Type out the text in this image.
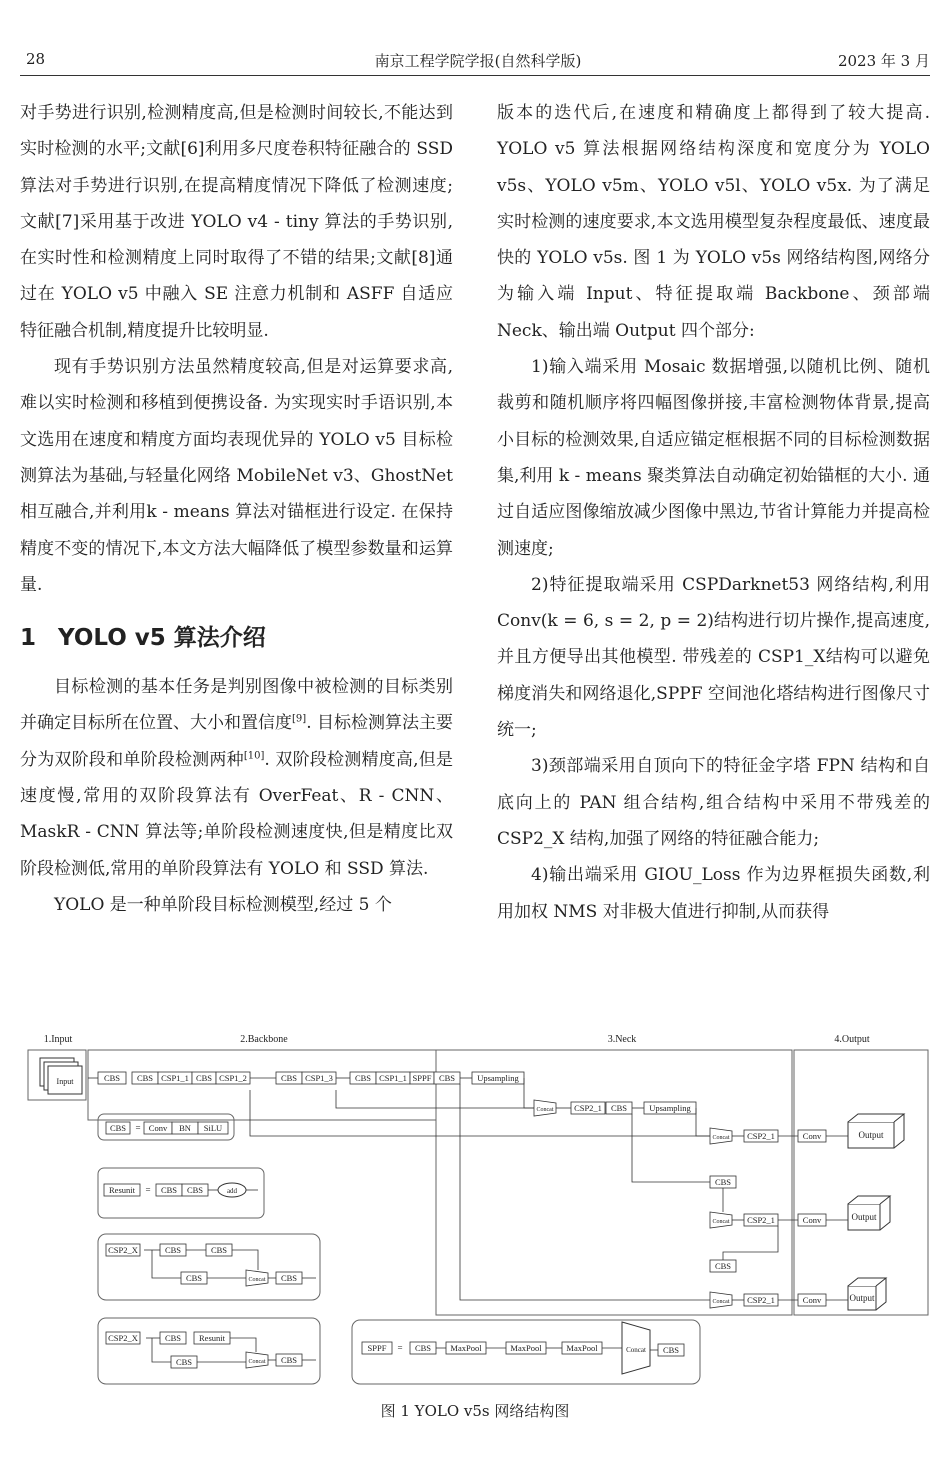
28	南京工程学院学报(自然科学版)	2023 年 3 月

对手势进行识别,检测精度高,但是检测时间较长,不能达到实时检测的水平;文献[6]利用多尺度卷积特征融合的 SSD 算法对手势进行识别,在提高精度情况下降低了检测速度;文献[7]采用基于改进 YOLO v4 - tiny 算法的手势识别,在实时性和检测精度上同时取得了不错的结果;文献[8]通过在 YOLO v5 中融入 SE 注意力机制和 ASFF 自适应特征融合机制,精度提升比较明显.

现有手势识别方法虽然精度较高,但是对运算要求高,难以实时检测和移植到便携设备. 为实现实时手语识别,本文选用在速度和精度方面均表现优异的 YOLO v5 目标检测算法为基础,与轻量化网络 MobileNet v3、GhostNet 相互融合,并利用k - means 算法对锚框进行设定. 在保持精度不变的情况下,本文方法大幅降低了模型参数量和运算量.

1 YOLO v5 算法介绍

目标检测的基本任务是判别图像中被检测的目标类别并确定目标所在位置、大小和置信度[9]. 目标检测算法主要分为双阶段和单阶段检测两种[10]. 双阶段检测精度高,但是速度慢,常用的双阶段算法有 OverFeat、R - CNN、MaskR - CNN 算法等;单阶段检测速度快,但是精度比双阶段检测低,常用的单阶段算法有 YOLO 和 SSD 算法.

YOLO 是一种单阶段目标检测模型,经过 5 个

版本的迭代后,在速度和精确度上都得到了较大提高. YOLO v5 算法根据网络结构深度和宽度分为 YOLO v5s、YOLO v5m、YOLO v5l、YOLO v5x. 为了满足实时检测的速度要求,本文选用模型复杂程度最低、速度最快的 YOLO v5s. 图 1 为 YOLO v5s 网络结构图,网络分为输入端 Input、特征提取端 Backbone、颈部端 Neck、输出端 Output 四个部分:

1)输入端采用 Mosaic 数据增强,以随机比例、随机裁剪和随机顺序将四幅图像拼接,丰富检测物体背景,提高小目标的检测效果,自适应锚定框根据不同的目标检测数据集,利用 k - means 聚类算法自动确定初始锚框的大小. 通过自适应图像缩放减少图像中黑边,节省计算能力并提高检测速度;

2)特征提取端采用 CSPDarknet53 网络结构,利用 Conv(k = 6, s = 2, p = 2)结构进行切片操作,提高速度,并且方便导出其他模型. 带残差的 CSP1_X结构可以避免梯度消失和网络退化,SPPF 空间池化塔结构进行图像尺寸统一;

3)颈部端采用自顶向下的特征金字塔 FPN 结构和自底向上的 PAN 组合结构,组合结构中采用不带残差的 CSP2_X 结构,加强了网络的特征融合能力;

4)输出端采用 GIOU_Loss 作为边界框损失函数,利用加权 NMS 对非极大值进行抑制,从而获得

1.Input	2.Backbone	3.Neck	4.Output
Input	CBS CBS CSP1_1 CBS CSP1_2	CBS CSP1_3	CBS CSP1_1 SPPF CBS	Upsampling
Concat CSP2_1 CBS	Upsampling
Concat CSP2_1	Conv	Output
CBS
Concat CSP2_1	Conv	Output
CBS
Concat CSP2_1	Conv	Output
CBS = Conv BN SiLU
Resunit = CBS CBS	add
CSP2_X	CBS	CBS
CBS	Concat CBS
CSP2_X	CBS Resunit
CBS	Concat CBS
SPPF = CBS MaxPool	MaxPool	MaxPool	Concat CBS
图 1 YOLO v5s 网络结构图
